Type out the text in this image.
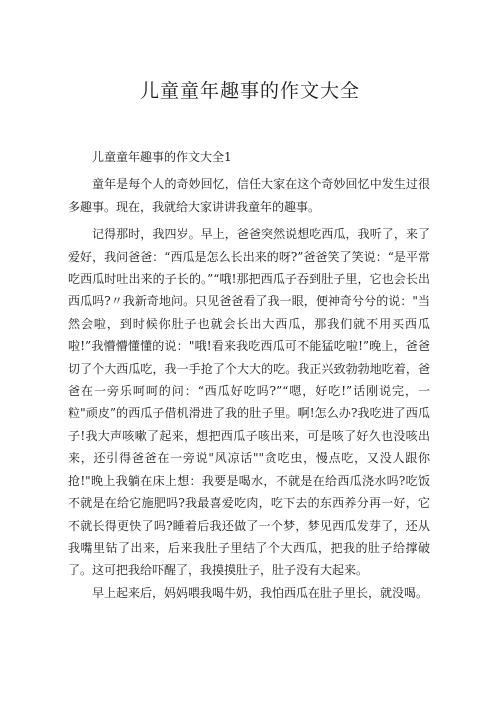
儿童童年趣事的作文大全

儿童童年趣事的作文大全1

童年是每个人的奇妙回忆，信任大家在这个奇妙回忆中发生过很多趣事。现在，我就给大家讲讲我童年的趣事。

记得那时，我四岁。早上，爸爸突然说想吃西瓜，我听了，来了爱好，我问爸爸：“西瓜是怎么长出来的呀?”爸爸笑了笑说：“是平常吃西瓜时吐出来的子长的。”“哦!那把西瓜子吞到肚子里，它也会长出西瓜吗?〃我新奇地问。只见爸爸看了我一眼，便神奇兮兮的说："当然会啦，到时候你肚子也就会长出大西瓜，那我们就不用买西瓜啦!”我懵懵懂懂的说："哦!看来我吃西瓜可不能猛吃啦!”晚上，爸爸切了个大西瓜吃，我一手抢了个大大的吃。我正兴致勃勃地吃着，爸爸在一旁乐呵呵的问：“西瓜好吃吗?”“嗯，好吃!”话刚说完，一粒"顽皮”的西瓜子借机滑进了我的肚子里。啊!怎么办?我吃进了西瓜子!我大声咳嗽了起来，想把西瓜子咳出来，可是咳了好久也没咳出来，还引得爸爸在一旁说"风凉话""贪吃虫，慢点吃，又没人跟你抢!"晚上我躺在床上想：我要是喝水，不就是在给西瓜浇水吗?吃饭不就是在给它施肥吗?我最喜爱吃肉，吃下去的东西养分再一好，它不就长得更快了吗?睡着后我还做了一个梦，梦见西瓜发芽了，还从我嘴里钻了出来，后来我肚子里结了个大西瓜，把我的肚子给撑破了。这可把我给吓醒了，我摸摸肚子，肚子没有大起来。

早上起来后，妈妈喂我喝牛奶，我怕西瓜在肚子里长，就没喝。
